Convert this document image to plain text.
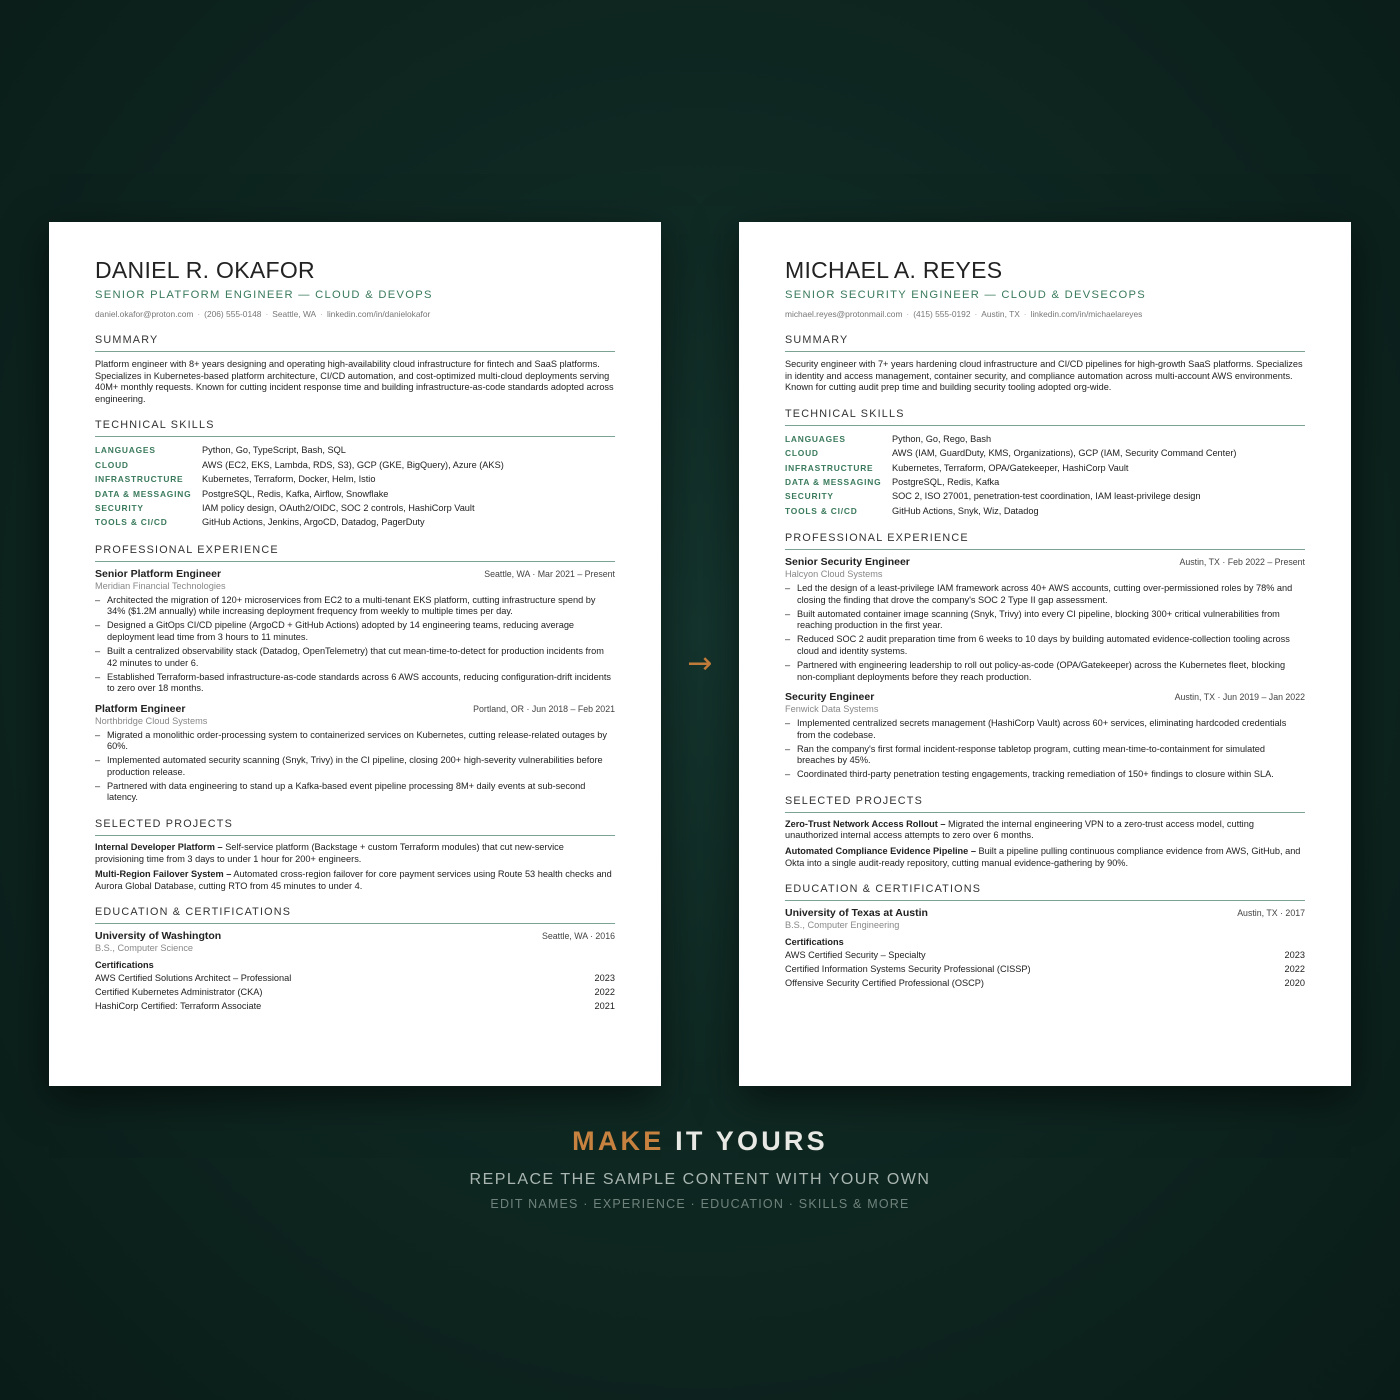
DANIEL R. OKAFOR
SENIOR PLATFORM ENGINEER — CLOUD & DEVOPS
daniel.okafor@proton.com · (206) 555-0148 · Seattle, WA · linkedin.com/in/danielokafor
SUMMARY
Platform engineer with 8+ years designing and operating high-availability cloud infrastructure for fintech and SaaS platforms. Specializes in Kubernetes-based platform architecture, CI/CD automation, and cost-optimized multi-cloud deployments serving 40M+ monthly requests. Known for cutting incident response time and building infrastructure-as-code standards adopted across engineering.
TECHNICAL SKILLS
LANGUAGES	Python, Go, TypeScript, Bash, SQL
CLOUD	AWS (EC2, EKS, Lambda, RDS, S3), GCP (GKE, BigQuery), Azure (AKS)
INFRASTRUCTURE	Kubernetes, Terraform, Docker, Helm, Istio
DATA & MESSAGING	PostgreSQL, Redis, Kafka, Airflow, Snowflake
SECURITY	IAM policy design, OAuth2/OIDC, SOC 2 controls, HashiCorp Vault
TOOLS & CI/CD	GitHub Actions, Jenkins, ArgoCD, Datadog, PagerDuty
PROFESSIONAL EXPERIENCE
Senior Platform Engineer	Seattle, WA · Mar 2021 – Present
Meridian Financial Technologies
– Architected the migration of 120+ microservices from EC2 to a multi-tenant EKS platform, cutting infrastructure spend by 34% ($1.2M annually) while increasing deployment frequency from weekly to multiple times per day.
– Designed a GitOps CI/CD pipeline (ArgoCD + GitHub Actions) adopted by 14 engineering teams, reducing average deployment lead time from 3 hours to 11 minutes.
– Built a centralized observability stack (Datadog, OpenTelemetry) that cut mean-time-to-detect for production incidents from 42 minutes to under 6.
– Established Terraform-based infrastructure-as-code standards across 6 AWS accounts, reducing configuration-drift incidents to zero over 18 months.
Platform Engineer	Portland, OR · Jun 2018 – Feb 2021
Northbridge Cloud Systems
– Migrated a monolithic order-processing system to containerized services on Kubernetes, cutting release-related outages by 60%.
– Implemented automated security scanning (Snyk, Trivy) in the CI pipeline, closing 200+ high-severity vulnerabilities before production release.
– Partnered with data engineering to stand up a Kafka-based event pipeline processing 8M+ daily events at sub-second latency.
SELECTED PROJECTS
Internal Developer Platform – Self-service platform (Backstage + custom Terraform modules) that cut new-service provisioning time from 3 days to under 1 hour for 200+ engineers.
Multi-Region Failover System – Automated cross-region failover for core payment services using Route 53 health checks and Aurora Global Database, cutting RTO from 45 minutes to under 4.
EDUCATION & CERTIFICATIONS
University of Washington	Seattle, WA · 2016
B.S., Computer Science
Certifications
AWS Certified Solutions Architect – Professional	2023
Certified Kubernetes Administrator (CKA)	2022
HashiCorp Certified: Terraform Associate	2021
MICHAEL A. REYES
SENIOR SECURITY ENGINEER — CLOUD & DEVSECOPS
michael.reyes@protonmail.com · (415) 555-0192 · Austin, TX · linkedin.com/in/michaelareyes
SUMMARY
Security engineer with 7+ years hardening cloud infrastructure and CI/CD pipelines for high-growth SaaS platforms. Specializes in identity and access management, container security, and compliance automation across multi-account AWS environments. Known for cutting audit prep time and building security tooling adopted org-wide.
TECHNICAL SKILLS
LANGUAGES	Python, Go, Rego, Bash
CLOUD	AWS (IAM, GuardDuty, KMS, Organizations), GCP (IAM, Security Command Center)
INFRASTRUCTURE	Kubernetes, Terraform, OPA/Gatekeeper, HashiCorp Vault
DATA & MESSAGING	PostgreSQL, Redis, Kafka
SECURITY	SOC 2, ISO 27001, penetration-test coordination, IAM least-privilege design
TOOLS & CI/CD	GitHub Actions, Snyk, Wiz, Datadog
PROFESSIONAL EXPERIENCE
Senior Security Engineer	Austin, TX · Feb 2022 – Present
Halcyon Cloud Systems
– Led the design of a least-privilege IAM framework across 40+ AWS accounts, cutting over-permissioned roles by 78% and closing the finding that drove the company's SOC 2 Type II gap assessment.
– Built automated container image scanning (Snyk, Trivy) into every CI pipeline, blocking 300+ critical vulnerabilities from reaching production in the first year.
– Reduced SOC 2 audit preparation time from 6 weeks to 10 days by building automated evidence-collection tooling across cloud and identity systems.
– Partnered with engineering leadership to roll out policy-as-code (OPA/Gatekeeper) across the Kubernetes fleet, blocking non-compliant deployments before they reach production.
Security Engineer	Austin, TX · Jun 2019 – Jan 2022
Fenwick Data Systems
– Implemented centralized secrets management (HashiCorp Vault) across 60+ services, eliminating hardcoded credentials from the codebase.
– Ran the company's first formal incident-response tabletop program, cutting mean-time-to-containment for simulated breaches by 45%.
– Coordinated third-party penetration testing engagements, tracking remediation of 150+ findings to closure within SLA.
SELECTED PROJECTS
Zero-Trust Network Access Rollout – Migrated the internal engineering VPN to a zero-trust access model, cutting unauthorized internal access attempts to zero over 6 months.
Automated Compliance Evidence Pipeline – Built a pipeline pulling continuous compliance evidence from AWS, GitHub, and Okta into a single audit-ready repository, cutting manual evidence-gathering by 90%.
EDUCATION & CERTIFICATIONS
University of Texas at Austin	Austin, TX · 2017
B.S., Computer Engineering
Certifications
AWS Certified Security – Specialty	2023
Certified Information Systems Security Professional (CISSP)	2022
Offensive Security Certified Professional (OSCP)	2020
→
MAKE IT YOURS
REPLACE THE SAMPLE CONTENT WITH YOUR OWN
EDIT NAMES · EXPERIENCE · EDUCATION · SKILLS & MORE
